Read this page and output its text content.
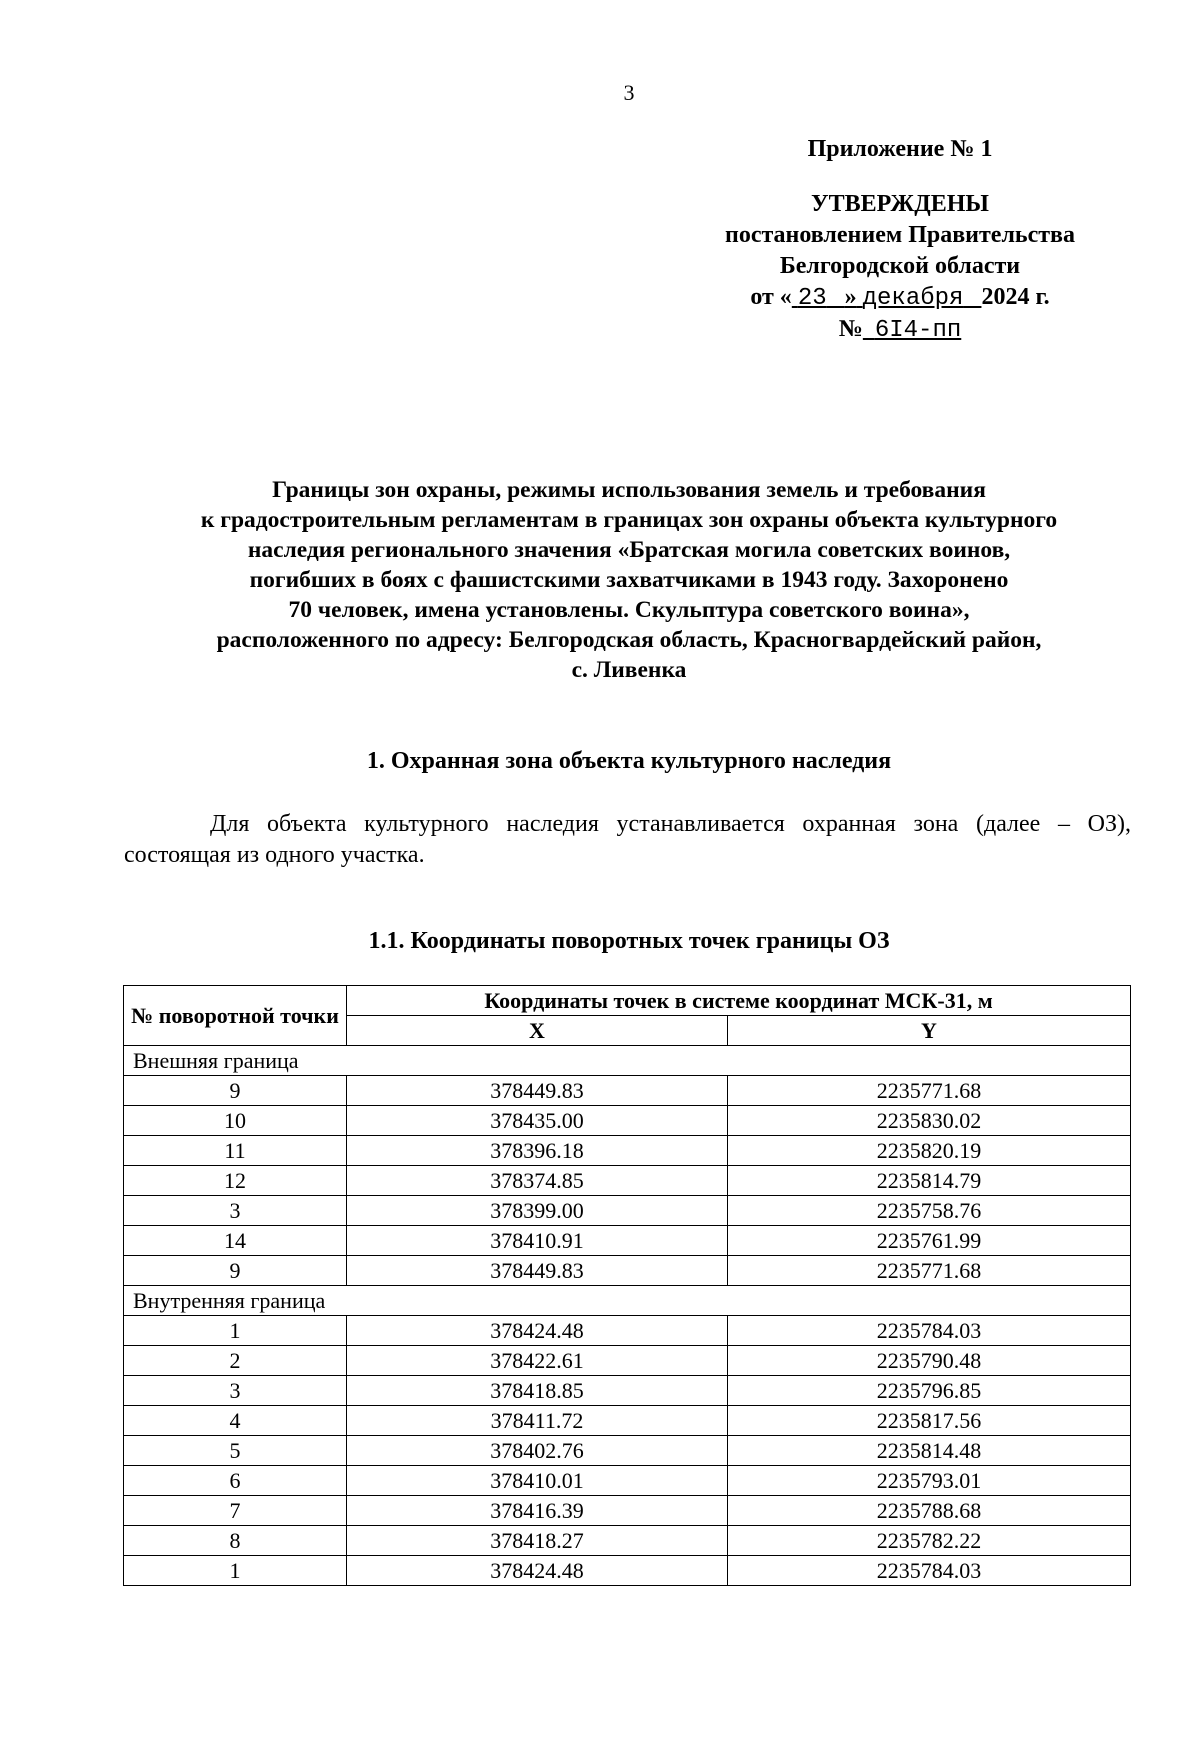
3
Приложение № 1
УТВЕРЖДЕНЫ
постановлением Правительства
Белгородской области
от « 23 » декабря 2024 г.
№ 6I4-пп
Границы зон охраны, режимы использования земель и требования
к градостроительным регламентам в границах зон охраны объекта культурного
наследия регионального значения «Братская могила советских воинов,
погибших в боях с фашистскими захватчиками в 1943 году. Захоронено
70 человек, имена установлены. Скульптура советского воина»,
расположенного по адресу: Белгородская область, Красногвардейский район,
с. Ливенка
1. Охранная зона объекта культурного наследия
Для объекта культурного наследия устанавливается охранная зона (далее – ОЗ), состоящая из одного участка.
1.1. Координаты поворотных точек границы ОЗ
№ поворотной точки	Координаты точек в системе координат МСК-31, м	
	X	Y
Внешняя граница		
9	378449.83	2235771.68
10	378435.00	2235830.02
11	378396.18	2235820.19
12	378374.85	2235814.79
3	378399.00	2235758.76
14	378410.91	2235761.99
9	378449.83	2235771.68
Внутренняя граница		
1	378424.48	2235784.03
2	378422.61	2235790.48
3	378418.85	2235796.85
4	378411.72	2235817.56
5	378402.76	2235814.48
6	378410.01	2235793.01
7	378416.39	2235788.68
8	378418.27	2235782.22
1	378424.48	2235784.03
